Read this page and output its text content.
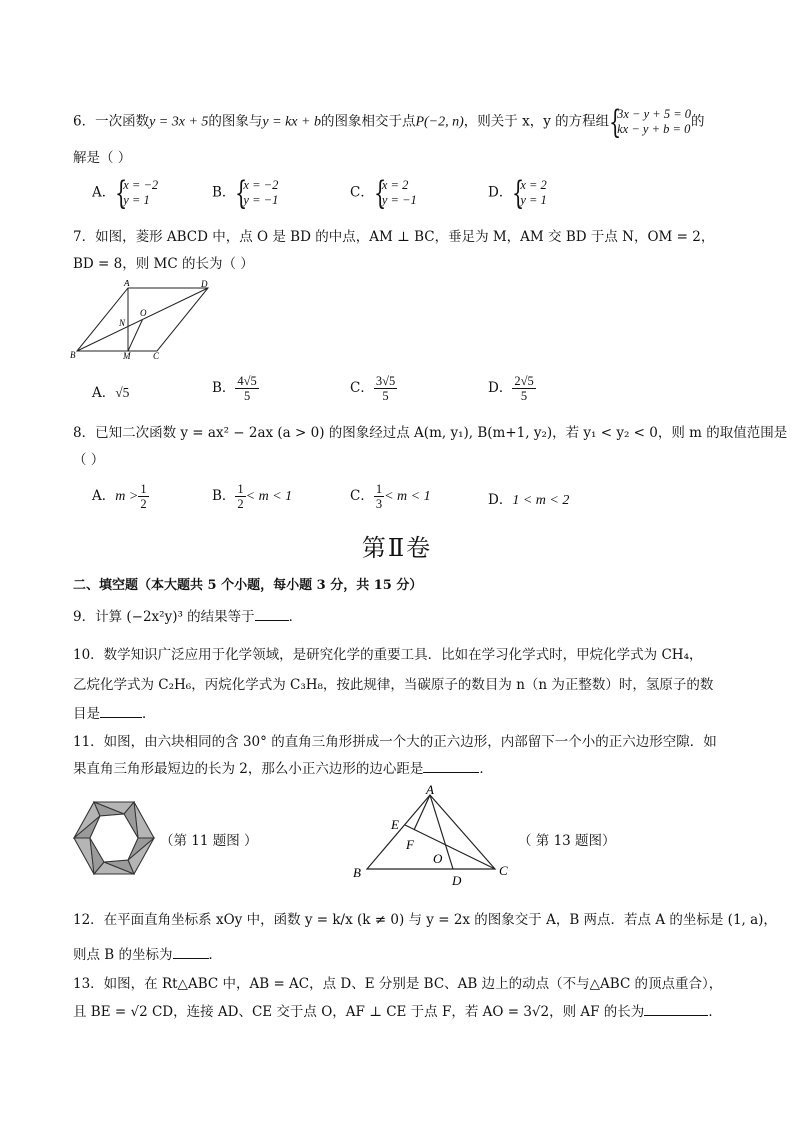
6．一次函数y = 3x + 5的图象与y = kx + b的图象相交于点P(−2, n)，则关于 x，y 的方程组 {
3x − y + 5 = 0
kx − y + b = 0 的
解是（ ）
A． {
x = −2
y = 1	B． {
x = −2
y = −1	C． {
x = 2
y = −1	D． {
x = 2
y = 1
7．如图，菱形 ABCD 中，点 O 是 BD 的中点，AM ⊥ BC，垂足为 M，AM 交 BD 于点 N，OM = 2，
BD = 8，则 MC 的长为（ ）
A	D
O
N
B	M	C
A．√5	B． $\frac{4√5}{5}$	C． $\frac{3√5}{5}$	D． $\frac{2√5}{5}$
8．已知二次函数 y = ax² − 2ax (a > 0) 的图象经过点 A(m, y₁), B(m+1, y₂)，若 y₁ < y₂ < 0，则 m 的取值范围是
（ ）
A．$m > \frac{1}{2}$	B． $\frac{1}{2} < m < 1$	C． $\frac{1}{3} < m < 1$	D．1 < m < 2
第Ⅱ卷
二、填空题（本大题共 5 个小题，每小题 3 分，共 15 分）
9．计算 (−2x²y)³ 的结果等于	．
10．数学知识广泛应用于化学领域，是研究化学的重要工具．比如在学习化学式时，甲烷化学式为 CH₄，
乙烷化学式为 C₂H₆，丙烷化学式为 C₃H₈，按此规律，当碳原子的数目为 n（n 为正整数）时，氢原子的数
目是	．
11．如图，由六块相同的含 30° 的直角三角形拼成一个大的正六边形，内部留下一个小的正六边形空隙．如
果直角三角形最短边的长为 2，那么小正六边形的边心距是	．
（第 11 题图 ）
A
E
F
O
B
D
C
（ 第 13 题图）
12．在平面直角坐标系 xOy 中，函数 y = k/x (k ≠ 0) 与 y = 2x 的图象交于 A，B 两点．若点 A 的坐标是 (1, a)，
则点 B 的坐标为	．
13．如图，在 Rt△ABC 中，AB = AC，点 D、E 分别是 BC、AB 边上的动点（不与△ABC 的顶点重合），
且 BE = √2 CD，连接 AD、CE 交于点 O，AF ⊥ CE 于点 F，若 AO = 3√2，则 AF 的长为	．
